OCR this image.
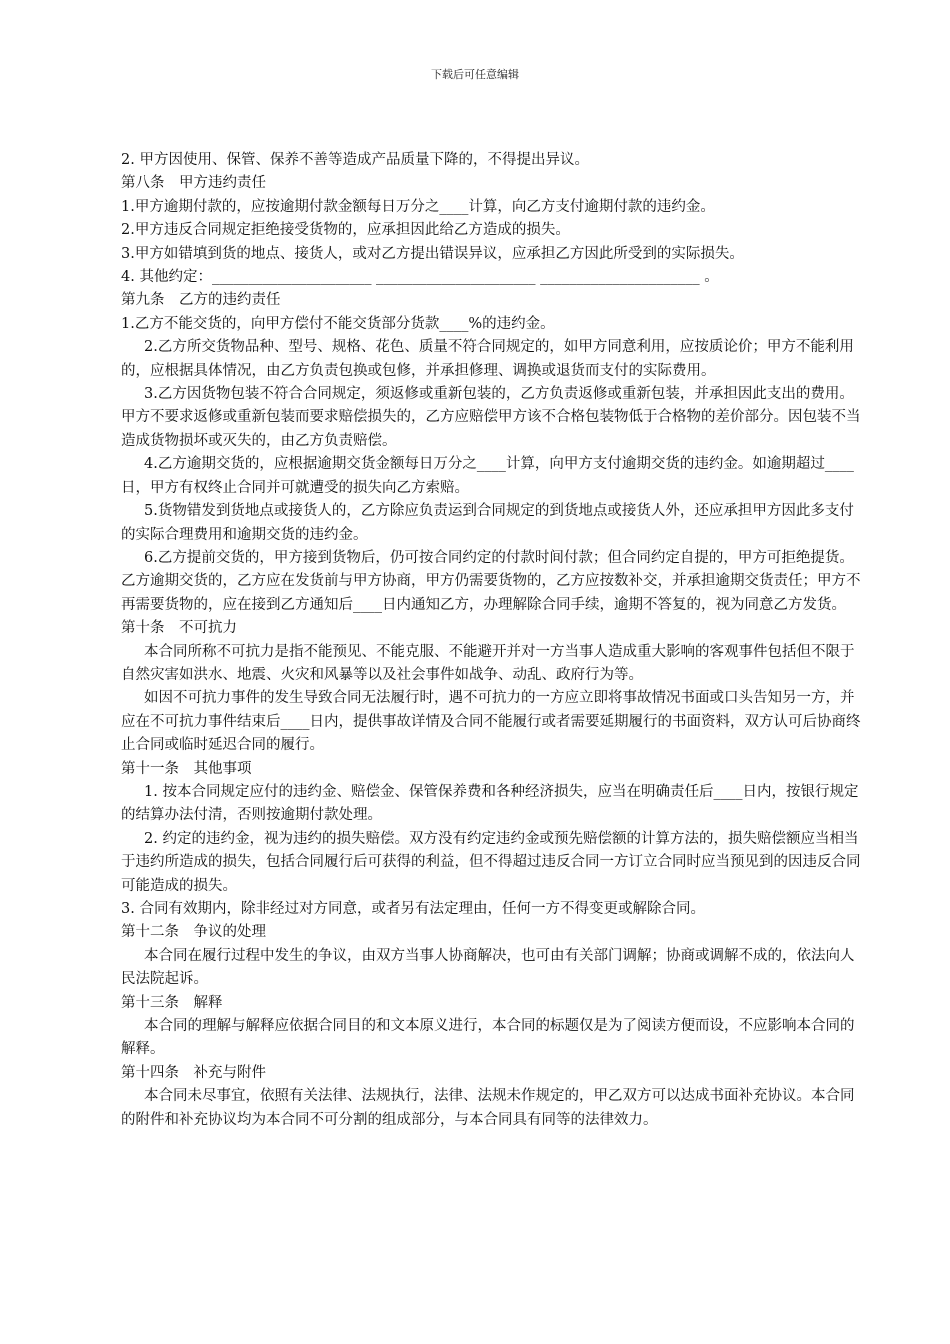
下载后可任意编辑

2. 甲方因使用、保管、保养不善等造成产品质量下降的，不得提出异议。

第八条　甲方违约责任

1.甲方逾期付款的，应按逾期付款金额每日万分之____计算，向乙方支付逾期付款的违约金。

2.甲方违反合同规定拒绝接受货物的，应承担因此给乙方造成的损失。

3.甲方如错填到货的地点、接货人，或对乙方提出错误异议，应承担乙方因此所受到的实际损失。

4. 其他约定：______________________ ______________________ ______________________ 。

第九条　乙方的违约责任

1.乙方不能交货的，向甲方偿付不能交货部分货款____%的违约金。

2.乙方所交货物品种、型号、规格、花色、质量不符合同规定的，如甲方同意利用，应按质论价；甲方不能利用的，应根据具体情况，由乙方负责包换或包修，并承担修理、调换或退货而支付的实际费用。

3.乙方因货物包装不符合合同规定，须返修或重新包装的，乙方负责返修或重新包装，并承担因此支出的费用。甲方不要求返修或重新包装而要求赔偿损失的，乙方应赔偿甲方该不合格包装物低于合格物的差价部分。因包装不当造成货物损坏或灭失的，由乙方负责赔偿。

4.乙方逾期交货的，应根据逾期交货金额每日万分之____计算，向甲方支付逾期交货的违约金。如逾期超过____日，甲方有权终止合同并可就遭受的损失向乙方索赔。

5.货物错发到货地点或接货人的，乙方除应负责运到合同规定的到货地点或接货人外，还应承担甲方因此多支付的实际合理费用和逾期交货的违约金。

6.乙方提前交货的，甲方接到货物后，仍可按合同约定的付款时间付款；但合同约定自提的，甲方可拒绝提货。乙方逾期交货的，乙方应在发货前与甲方协商，甲方仍需要货物的，乙方应按数补交，并承担逾期交货责任；甲方不再需要货物的，应在接到乙方通知后____日内通知乙方，办理解除合同手续，逾期不答复的，视为同意乙方发货。

第十条　不可抗力

本合同所称不可抗力是指不能预见、不能克服、不能避开并对一方当事人造成重大影响的客观事件包括但不限于自然灾害如洪水、地震、火灾和风暴等以及社会事件如战争、动乱、政府行为等。

如因不可抗力事件的发生导致合同无法履行时，遇不可抗力的一方应立即将事故情况书面或口头告知另一方，并应在不可抗力事件结束后____日内，提供事故详情及合同不能履行或者需要延期履行的书面资料，双方认可后协商终止合同或临时延迟合同的履行。

第十一条　其他事项

1. 按本合同规定应付的违约金、赔偿金、保管保养费和各种经济损失，应当在明确责任后____日内，按银行规定的结算办法付清，否则按逾期付款处理。

2. 约定的违约金，视为违约的损失赔偿。双方没有约定违约金或预先赔偿额的计算方法的，损失赔偿额应当相当于违约所造成的损失，包括合同履行后可获得的利益，但不得超过违反合同一方订立合同时应当预见到的因违反合同可能造成的损失。

3. 合同有效期内，除非经过对方同意，或者另有法定理由，任何一方不得变更或解除合同。

第十二条　争议的处理

本合同在履行过程中发生的争议，由双方当事人协商解决，也可由有关部门调解；协商或调解不成的，依法向人民法院起诉。

第十三条　解释

本合同的理解与解释应依据合同目的和文本原义进行，本合同的标题仅是为了阅读方便而设，不应影响本合同的解释。

第十四条　补充与附件

本合同未尽事宜，依照有关法律、法规执行，法律、法规未作规定的，甲乙双方可以达成书面补充协议。本合同的附件和补充协议均为本合同不可分割的组成部分，与本合同具有同等的法律效力。
